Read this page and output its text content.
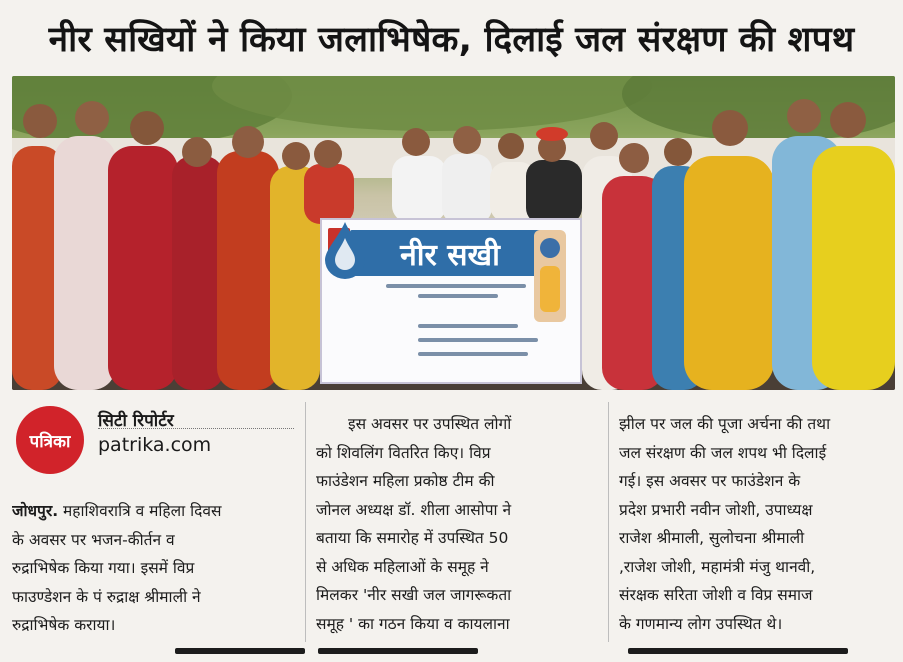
नीर सखियों ने किया जलाभिषेक, दिलाई जल संरक्षण की शपथ
नीर सखी
पत्रिका
सिटी रिपोर्टर
patrika.com
जोधपुर. महाशिवरात्रि व महिला दिवस
के अवसर पर भजन-कीर्तन व
रुद्राभिषेक किया गया। इसमें विप्र
फाउण्डेशन के पं रुद्राक्ष श्रीमाली ने
रुद्राभिषेक कराया।
इस अवसर पर उपस्थित लोगों
को शिवलिंग वितरित किए। विप्र
फाउंडेशन महिला प्रकोष्ठ टीम की
जोनल अध्यक्ष डॉ. शीला आसोपा ने
बताया कि समारोह में उपस्थित 50
से अधिक महिलाओं के समूह ने
मिलकर 'नीर सखी जल जागरूकता
समूह ' का गठन किया व कायलाना
झील पर जल की पूजा अर्चना की तथा
जल संरक्षण की जल शपथ भी दिलाई
गई। इस अवसर पर फाउंडेशन के
प्रदेश प्रभारी नवीन जोशी, उपाध्यक्ष
राजेश श्रीमाली, सुलोचना श्रीमाली
,राजेश जोशी, महामंत्री मंजु थानवी,
संरक्षक सरिता जोशी व विप्र समाज
के गणमान्य लोग उपस्थित थे।
